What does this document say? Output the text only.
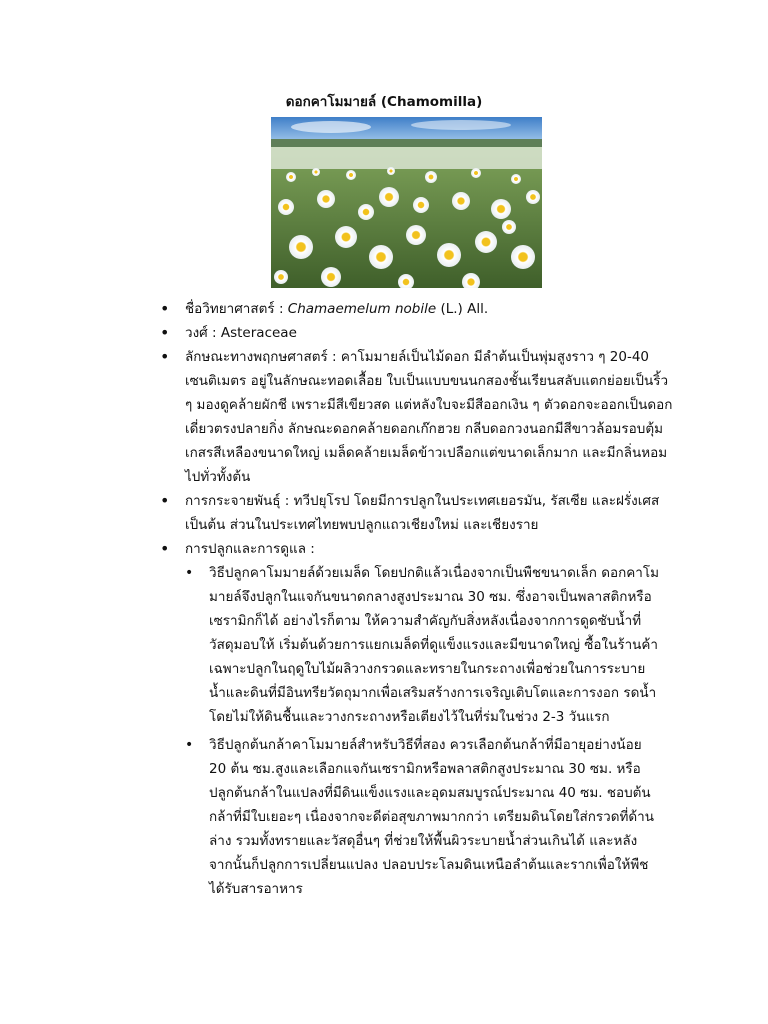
ดอกคาโมมายล์ (Chamomilla)
• ชื่อวิทยาศาสตร์ : Chamaemelum nobile (L.) All.
• วงศ์ : Asteraceae

• ลักษณะทางพฤกษศาสตร์ : คาโมมายล์เป็นไม้ดอก มีลำต้นเป็นพุ่มสูงราว ๆ 20-40 เซนติเมตร อยู่ในลักษณะทอดเลื้อย ใบเป็นแบบขนนกสองชั้นเรียนสลับแตกย่อยเป็นริ้ว ๆ มองดูคล้ายผักชี เพราะมีสีเขียวสด แต่หลังใบจะมีสีออกเงิน ๆ ตัวดอกจะออกเป็นดอกเดี่ยวตรงปลายกิ่ง ลักษณะดอกคล้ายดอกเก๊กฮวย กลีบดอกวงนอกมีสีขาวล้อมรอบตุ้มเกสรสีเหลืองขนาดใหญ่ เมล็ดคล้ายเมล็ดข้าวเปลือกแต่ขนาดเล็กมาก และมีกลิ่นหอมไปทั่วทั้งต้น

• การกระจายพันธุ์ : ทวีปยุโรป โดยมีการปลูกในประเทศเยอรมัน, รัสเซีย และฝรั่งเศส เป็นต้น ส่วนในประเทศไทยพบปลูกแถวเชียงใหม่ และเชียงราย

• การปลูกและการดูแล :

• วิธีปลูกคาโมมายล์ด้วยเมล็ด โดยปกติแล้วเนื่องจากเป็นพืชขนาดเล็ก ดอกคาโมมายล์จึงปลูกในแจกันขนาดกลางสูงประมาณ 30 ซม. ซึ่งอาจเป็นพลาสติกหรือเซรามิกก็ได้ อย่างไรก็ตาม ให้ความสำคัญกับสิ่งหลังเนื่องจากการดูดซับน้ำที่วัสดุมอบให้ เริ่มต้นด้วยการแยกเมล็ดที่ดูแข็งแรงและมีขนาดใหญ่ ซื้อในร้านค้าเฉพาะปลูกในฤดูใบไม้ผลิวางกรวดและทรายในกระถางเพื่อช่วยในการระบายน้ำและดินที่มีอินทรียวัตถุมากเพื่อเสริมสร้างการเจริญเติบโตและการงอก รดน้ำโดยไม่ให้ดินชื้นและวางกระถางหรือเตียงไว้ในที่ร่มในช่วง 2-3 วันแรก

• วิธีปลูกต้นกล้าคาโมมายล์สำหรับวิธีที่สอง ควรเลือกต้นกล้าที่มีอายุอย่างน้อย 20 ต้น ซม.สูงและเลือกแจกันเซรามิกหรือพลาสติกสูงประมาณ 30 ซม. หรือปลูกต้นกล้าในแปลงที่มีดินแข็งแรงและอุดมสมบูรณ์ประมาณ 40 ซม. ชอบต้นกล้าที่มีใบเยอะๆ เนื่องจากจะดีต่อสุขภาพมากกว่า เตรียมดินโดยใส่กรวดที่ด้านล่าง รวมทั้งทรายและวัสดุอื่นๆ ที่ช่วยให้พื้นผิวระบายน้ำส่วนเกินได้ และหลังจากนั้นก็ปลูกการเปลี่ยนแปลง ปลอบประโลมดินเหนือลำต้นและรากเพื่อให้พืชได้รับสารอาหาร
